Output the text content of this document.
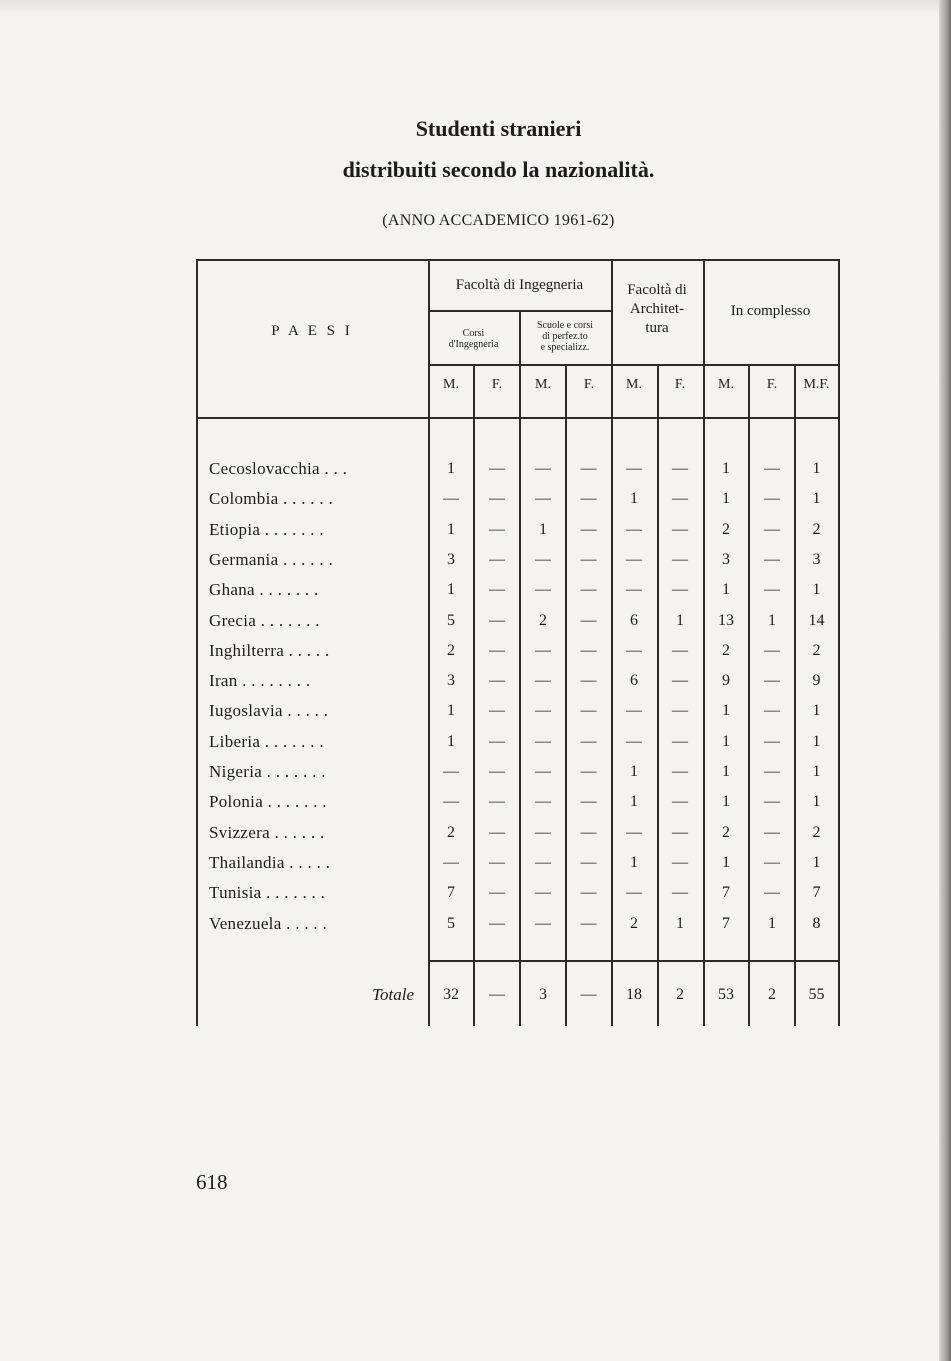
Studenti stranieri
distribuiti secondo la nazionalità.
(ANNO ACCADEMICO 1961-62)
P A E S I
Facoltà di Ingegneria
Corsi
d'Ingegneria
Scuole e corsi
di perfez.to
e specializz.
Facoltà di
Architet-
tura
In complesso
M.	F.	M.	F.	M.	F.	M.	F.	M.F.
Cecoslovacchia . . .	1	—	—	—	—	—	1	—	1
Colombia . . . . . .	—	—	—	—	1	—	1	—	1
Etiopia . . . . . . .	1	—	1	—	—	—	2	—	2
Germania . . . . . .	3	—	—	—	—	—	3	—	3
Ghana . . . . . . .	1	—	—	—	—	—	1	—	1
Grecia . . . . . . .	5	—	2	—	6	1	13	1	14
Inghilterra . . . . .	2	—	—	—	—	—	2	—	2
Iran . . . . . . . .	3	—	—	—	6	—	9	—	9
Iugoslavia . . . . .	1	—	—	—	—	—	1	—	1
Liberia . . . . . . .	1	—	—	—	—	—	1	—	1
Nigeria . . . . . . .	—	—	—	—	1	—	1	—	1
Polonia . . . . . . .	—	—	—	—	1	—	1	—	1
Svizzera . . . . . .	2	—	—	—	—	—	2	—	2
Thailandia . . . . .	—	—	—	—	1	—	1	—	1
Tunisia . . . . . . .	7	—	—	—	—	—	7	—	7
Venezuela . . . . .	5	—	—	—	2	1	7	1	8
Totale	32	—	3	—	18	2	53	2	55
618
